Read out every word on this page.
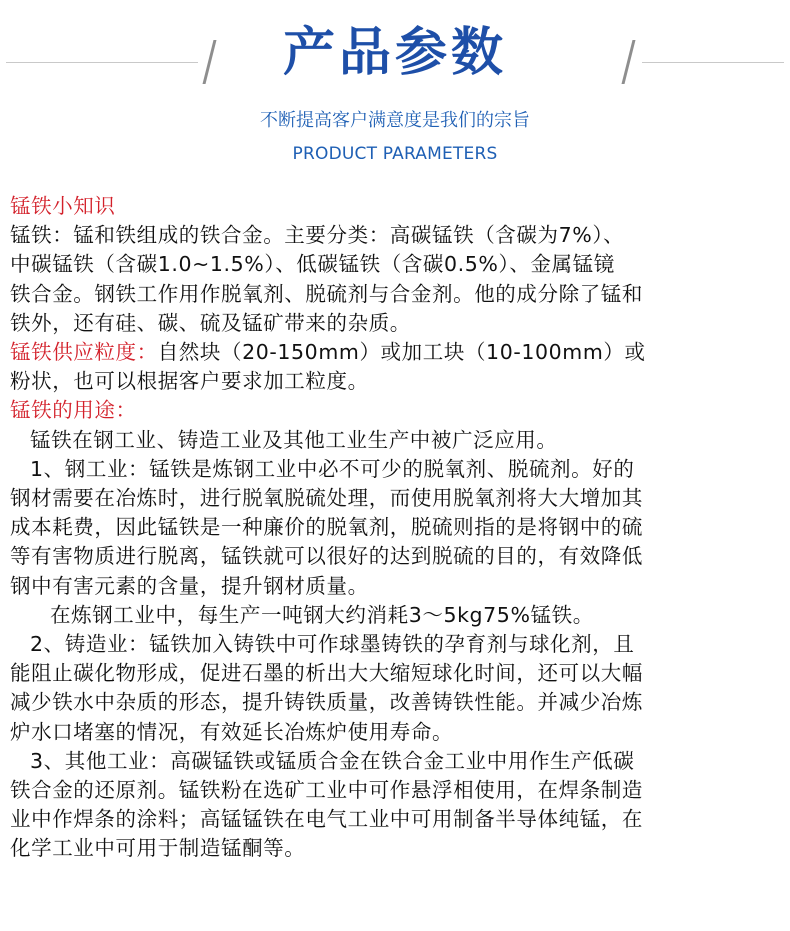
产品参数
不断提高客户满意度是我们的宗旨
PRODUCT PARAMETERS

锰铁小知识

锰铁：锰和铁组成的铁合金。主要分类：高碳锰铁（含碳为7%）、

中碳锰铁（含碳1.0~1.5%）、低碳锰铁（含碳0.5%）、金属锰镜

铁合金。钢铁工作用作脱氧剂、脱硫剂与合金剂。他的成分除了锰和

铁外，还有硅、碳、硫及锰矿带来的杂质。

锰铁供应粒度：自然块（20-150mm）或加工块（10-100mm）或

粉状，也可以根据客户要求加工粒度。

锰铁的用途：

锰铁在钢工业、铸造工业及其他工业生产中被广泛应用。

1、钢工业：锰铁是炼钢工业中必不可少的脱氧剂、脱硫剂。好的

钢材需要在冶炼时，进行脱氧脱硫处理，而使用脱氧剂将大大增加其

成本耗费，因此锰铁是一种廉价的脱氧剂，脱硫则指的是将钢中的硫

等有害物质进行脱离，锰铁就可以很好的达到脱硫的目的，有效降低

钢中有害元素的含量，提升钢材质量。

在炼钢工业中，每生产一吨钢大约消耗3～5kg75%锰铁。

2、铸造业：锰铁加入铸铁中可作球墨铸铁的孕育剂与球化剂，且

能阻止碳化物形成，促进石墨的析出大大缩短球化时间，还可以大幅

减少铁水中杂质的形态，提升铸铁质量，改善铸铁性能。并减少冶炼

炉水口堵塞的情况，有效延长冶炼炉使用寿命。

3、其他工业：高碳锰铁或锰质合金在铁合金工业中用作生产低碳

铁合金的还原剂。锰铁粉在选矿工业中可作悬浮相使用，在焊条制造

业中作焊条的涂料；高锰锰铁在电气工业中可用制备半导体纯锰，在

化学工业中可用于制造锰酮等。
